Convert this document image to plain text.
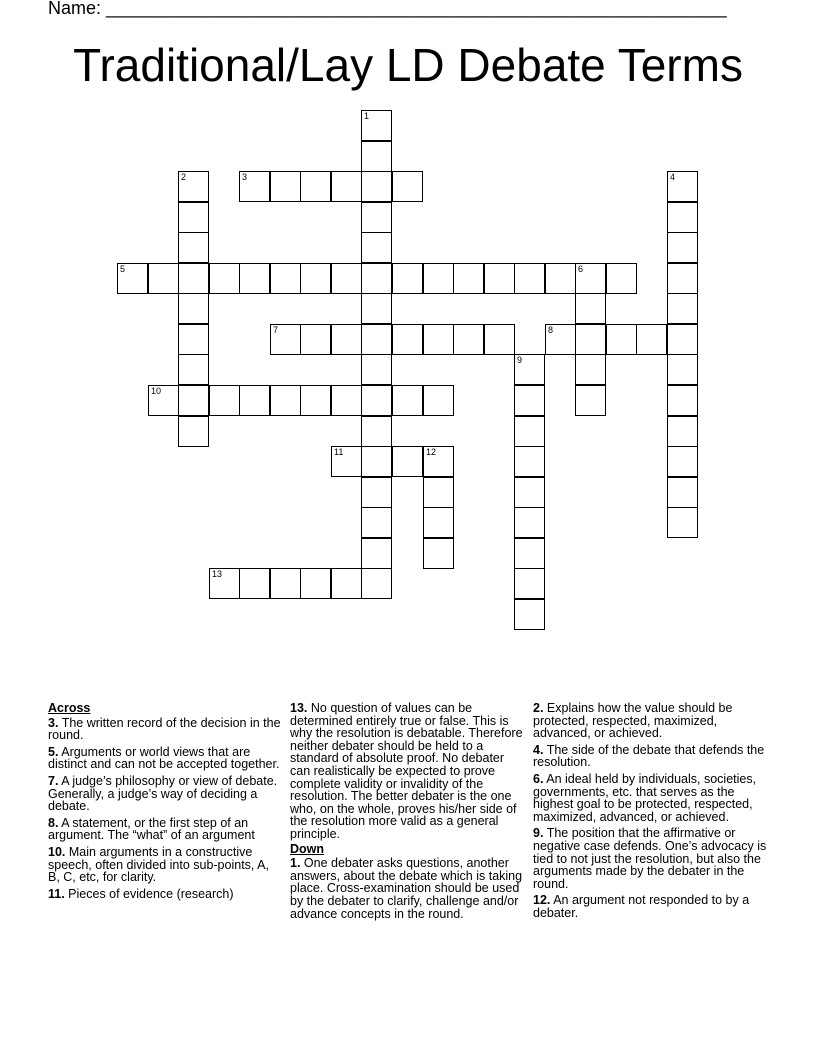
Name: ______________________________________________________________
Traditional/Lay LD Debate Terms
1
2	3	4
5	6
7	8
9
10
11	12
13
Across
3. The written record of the decision in the round.
5. Arguments or world views that are distinct and can not be accepted together.
7. A judge’s philosophy or view of debate. Generally, a judge’s way of deciding a debate.
8. A statement, or the first step of an argument. The “what” of an argument
10. Main arguments in a constructive speech, often divided into sub-points, A, B, C, etc, for clarity.
11. Pieces of evidence (research)
13. No question of values can be determined entirely true or false. This is why the resolution is debatable. Therefore neither debater should be held to a standard of absolute proof. No debater can realistically be expected to prove complete validity or invalidity of the resolution. The better debater is the one who, on the whole, proves his/her side of the resolution more valid as a general principle.
Down
1. One debater asks questions, another answers, about the debate which is taking place. Cross-examination should be used by the debater to clarify, challenge and/or advance concepts in the round.
2. Explains how the value should be protected, respected, maximized, advanced, or achieved.
4. The side of the debate that defends the resolution.
6. An ideal held by individuals, societies, governments, etc. that serves as the highest goal to be protected, respected, maximized, advanced, or achieved.
9. The position that the affirmative or negative case defends. One’s advocacy is tied to not just the resolution, but also the arguments made by the debater in the round.
12. An argument not responded to by a debater.
